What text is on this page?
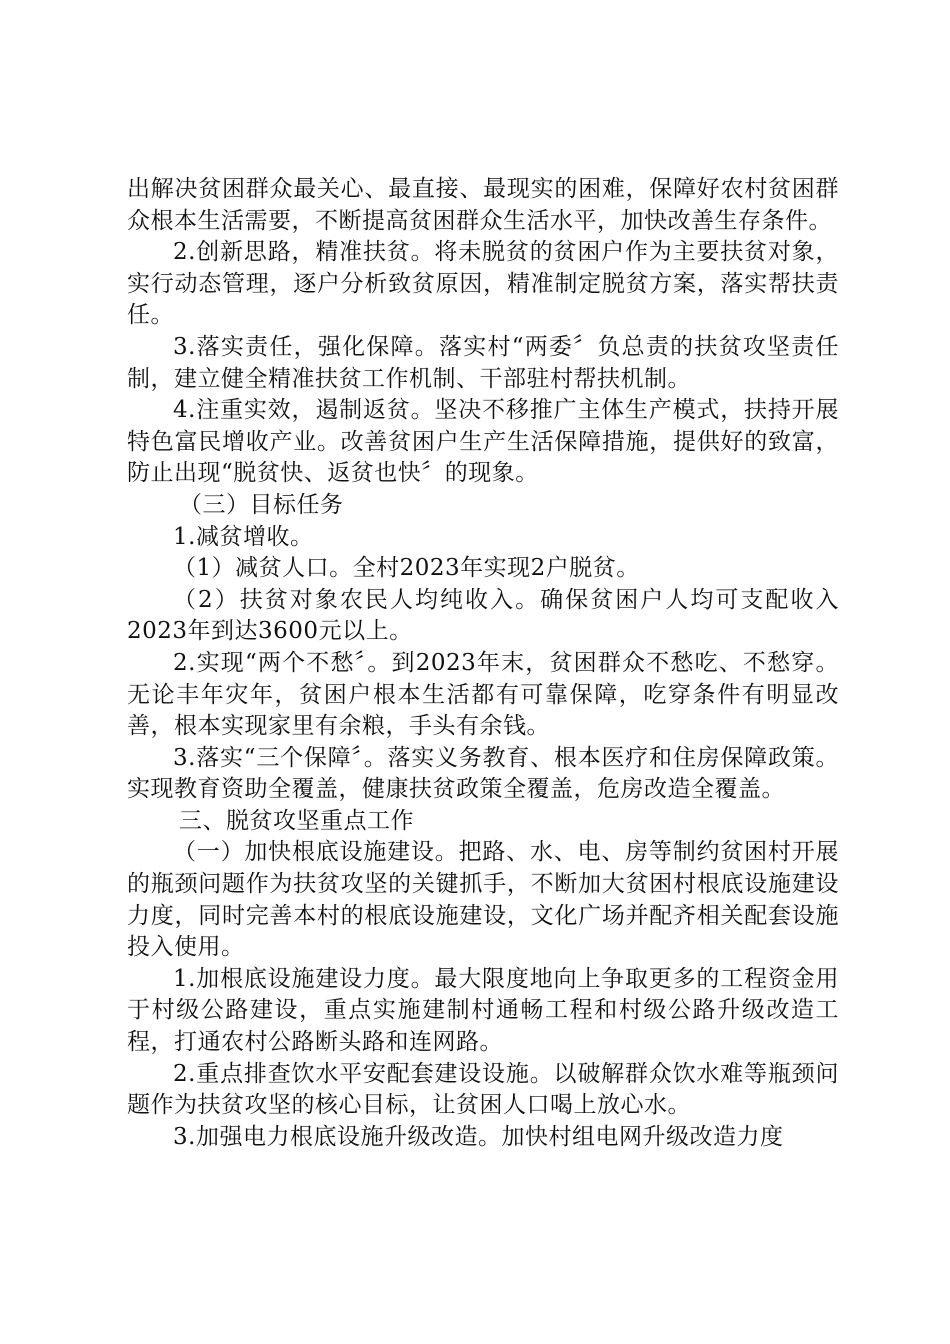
出解决贫困群众最关心、最直接、最现实的困难，保障好农村贫困群众根本生活需要，不断提高贫困群众生活水平，加快改善生存条件。

2.创新思路，精准扶贫。将未脱贫的贫困户作为主要扶贫对象，实行动态管理，逐户分析致贫原因，精准制定脱贫方案，落实帮扶责任。

3.落实责任，强化保障。落实村“两委〞负总责的扶贫攻坚责任制，建立健全精准扶贫工作机制、干部驻村帮扶机制。

4.注重实效，遏制返贫。坚决不移推广主体生产模式，扶持开展特色富民增收产业。改善贫困户生产生活保障措施，提供好的致富，防止出现“脱贫快、返贫也快〞的现象。

（三）目标任务

1.减贫增收。

（1）减贫人口。全村2023年实现2户脱贫。

（2）扶贫对象农民人均纯收入。确保贫困户人均可支配收入2023年到达3600元以上。

2.实现“两个不愁〞。到2023年末，贫困群众不愁吃、不愁穿。无论丰年灾年，贫困户根本生活都有可靠保障，吃穿条件有明显改善，根本实现家里有余粮，手头有余钱。

3.落实“三个保障〞。落实义务教育、根本医疗和住房保障政策。实现教育资助全覆盖，健康扶贫政策全覆盖，危房改造全覆盖。

三、脱贫攻坚重点工作

（一）加快根底设施建设。把路、水、电、房等制约贫困村开展的瓶颈问题作为扶贫攻坚的关键抓手，不断加大贫困村根底设施建设力度，同时完善本村的根底设施建设，文化广场并配齐相关配套设施投入使用。

1.加根底设施建设力度。最大限度地向上争取更多的工程资金用于村级公路建设，重点实施建制村通畅工程和村级公路升级改造工程，打通农村公路断头路和连网路。

2.重点排查饮水平安配套建设设施。以破解群众饮水难等瓶颈问题作为扶贫攻坚的核心目标，让贫困人口喝上放心水。

3.加强电力根底设施升级改造。加快村组电网升级改造力度
